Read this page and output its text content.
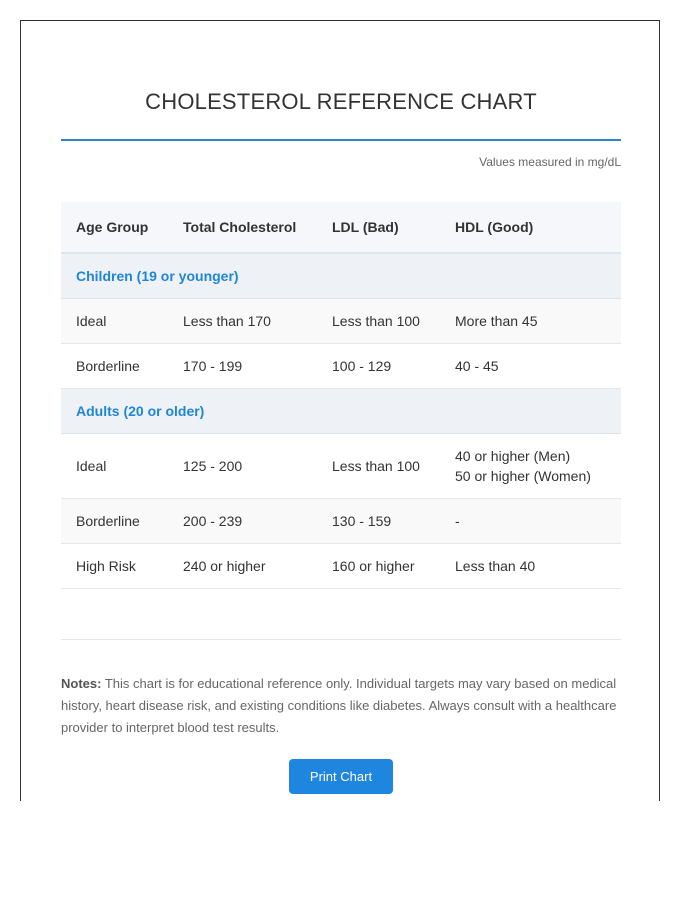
CHOLESTEROL REFERENCE CHART
Values measured in mg/dL
Age Group	Total Cholesterol	LDL (Bad)	HDL (Good)
Children (19 or younger)			
Ideal	Less than 170	Less than 100	More than 45

Borderline	170 - 199	100 - 129	40 - 45

Adults (20 or older)			
Ideal	125 - 200	Less than 100	40 or higher (Men)
50 or higher (Women)

Borderline	200 - 239	130 - 159	-

High Risk	240 or higher	160 or higher	Less than 40

Notes: This chart is for educational reference only. Individual targets may vary based on medical history, heart disease risk, and existing conditions like diabetes. Always consult with a healthcare provider to interpret blood test results.

Print Chart
